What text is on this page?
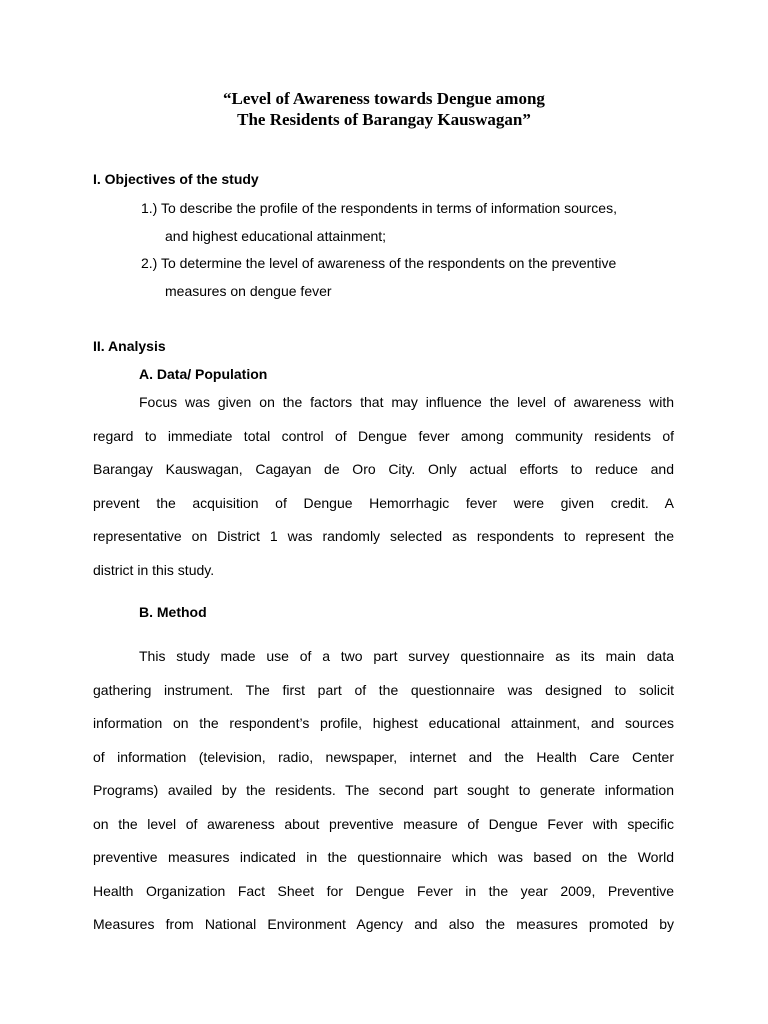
“Level of Awareness towards Dengue among
The Residents of Barangay Kauswagan”
I. Objectives of the study
1.) To describe the profile of the respondents in terms of information sources,
and highest educational attainment;
2.) To determine the level of awareness of the respondents on the preventive
measures on dengue fever
II. Analysis
A. Data/ Population
Focus was given on the factors that may influence the level of awareness with
regard to immediate total control of Dengue fever among community residents of
Barangay Kauswagan, Cagayan de Oro City. Only actual efforts to reduce and
prevent the acquisition of Dengue Hemorrhagic fever were given credit. A
representative on District 1 was randomly selected as respondents to represent the
district in this study.
B. Method
This study made use of a two part survey questionnaire as its main data
gathering instrument. The first part of the questionnaire was designed to solicit
information on the respondent’s profile, highest educational attainment, and sources
of information (television, radio, newspaper, internet and the Health Care Center
Programs) availed by the residents. The second part sought to generate information
on the level of awareness about preventive measure of Dengue Fever with specific
preventive measures indicated in the questionnaire which was based on the World
Health Organization Fact Sheet for Dengue Fever in the year 2009, Preventive
Measures from National Environment Agency and also the measures promoted by
